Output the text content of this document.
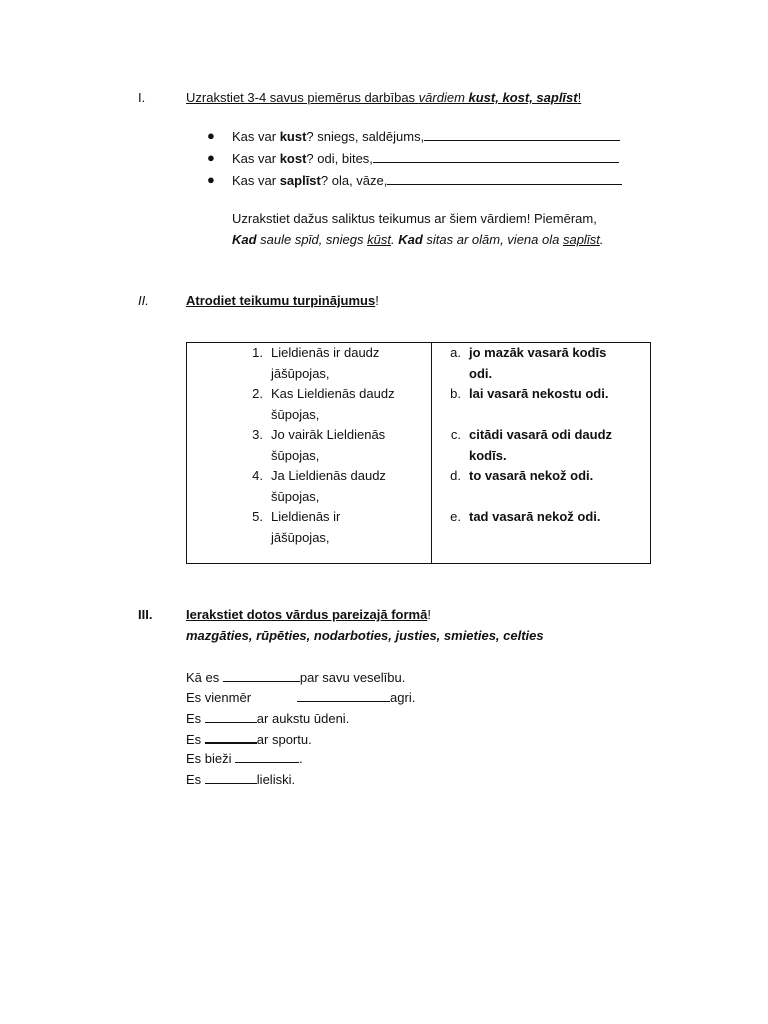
I.	Uzrakstiet 3-4 savus piemērus darbības vārdiem kust, kost, saplīst!
● Kas var kust? sniegs, saldējums,
● Kas var kost? odi, bites,
● Kas var saplīst? ola, vāze,
Uzrakstiet dažus saliktus teikumus ar šiem vārdiem! Piemēram,
Kad saule spīd, sniegs kūst. Kad sitas ar olām, viena ola saplīst.
II.	Atrodiet teikumu turpinājumus!
1. Lieldienās ir daudz
jāšūpojas,
2. Kas Lieldienās daudz
šūpojas,
3. Jo vairāk Lieldienās
šūpojas,
4. Ja Lieldienās daudz
šūpojas,
5. Lieldienās ir
jāšūpojas,
a. jo mazāk vasarā kodīs
odi.
b. lai vasarā nekostu odi.
c. citādi vasarā odi daudz
kodīs.
d. to vasarā nekož odi.
e. tad vasarā nekož odi.
III.	Ierakstiet dotos vārdus pareizajā formā!
mazgāties, rūpēties, nodarboties, justies, smieties, celties
Kā es	par savu veselību.
Es vienmēr	agri.
Es	ar aukstu ūdeni.
Es	ar sportu.
Es bieži	.
Es	lieliski.
